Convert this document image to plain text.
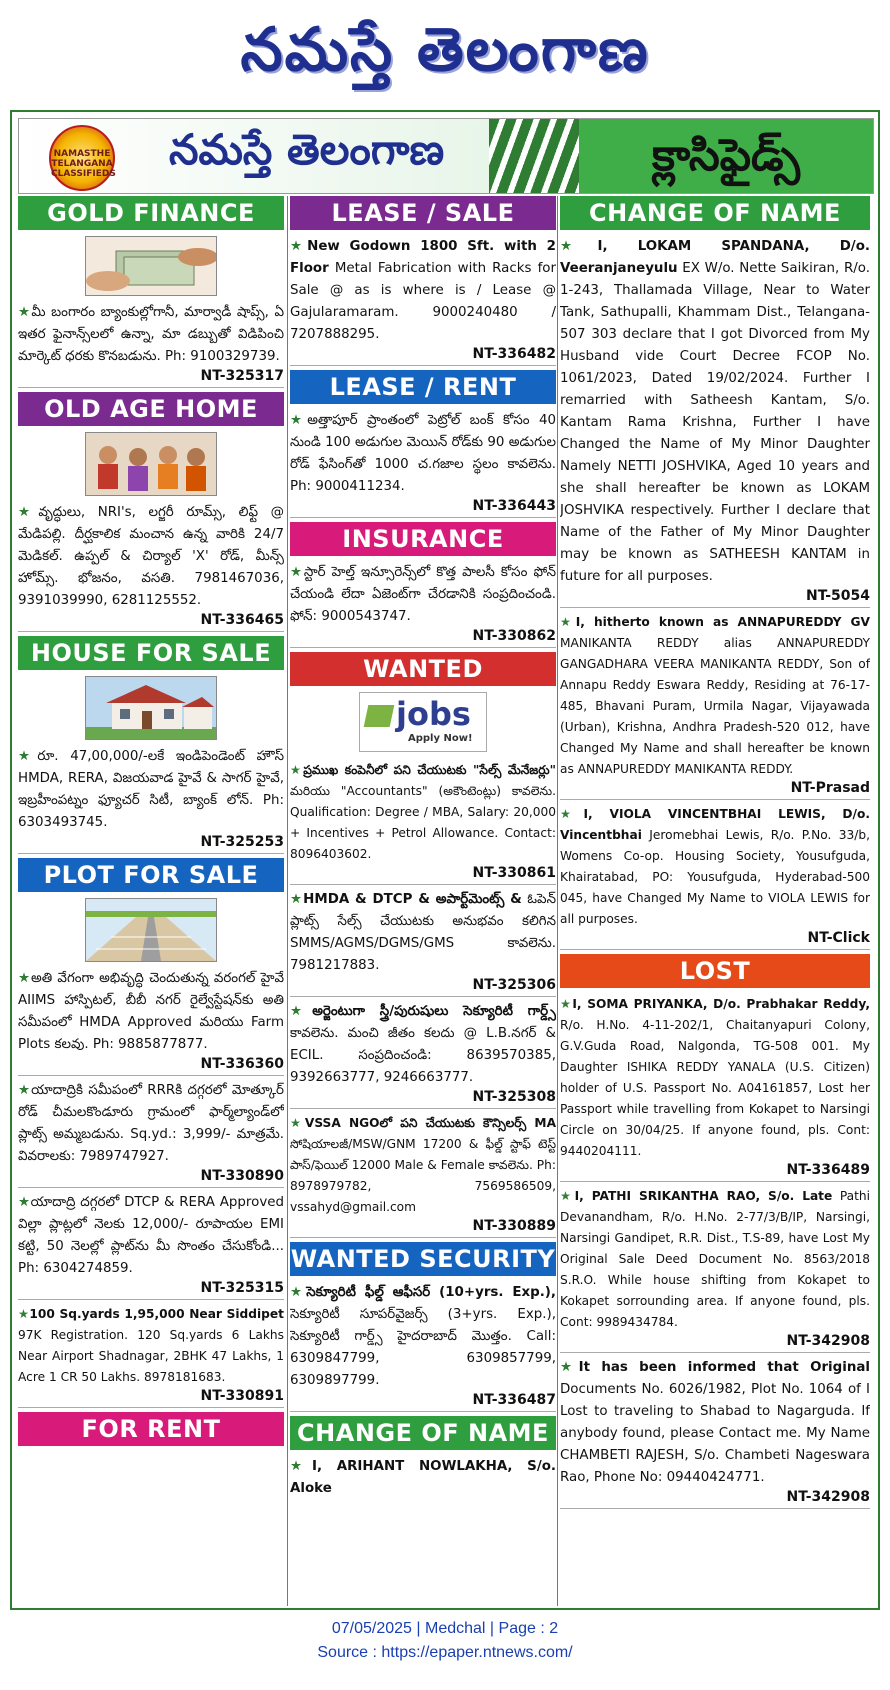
నమస్తే తెలంగాణ
NAMASTHE TELANGANA CLASSIFIEDS నమస్తే తెలంగాణ	క్లాసిఫైడ్స్
GOLD FINANCE
★మీ బంగారం బ్యాంకుల్లోగానీ, మార్వాడీ షాప్స్, ఏ ఇతర ఫైనాన్స్‌లలో ఉన్నా, మా డబ్బుతో విడిపించి మార్కెట్ ధరకు కొనబడును. Ph: 9100329739.
NT-325317
OLD AGE HOME
★వృద్ధులు, NRI's, లగ్జరీ రూమ్స్, లిఫ్ట్ @ మేడిపల్లి. దీర్ఘకాలిక మంచాన ఉన్న వారికి 24/7 మెడికల్. ఉప్పల్ & చిర్యాల్ 'X' రోడ్, మీన్స్ హోమ్స్. భోజనం, వసతి. 7981467036, 9391039990, 6281125552.
NT-336465
HOUSE FOR SALE
★రూ. 47,00,000/-లకే ఇండిపెండెంట్ హౌస్ HMDA, RERA, విజయవాడ హైవే & సాగర్ హైవే, ఇబ్రహీంపట్నం ఫ్యూచర్ సిటీ, బ్యాంక్ లోన్. Ph: 6303493745.
NT-325253
PLOT FOR SALE
★అతి వేగంగా అభివృద్ధి చెందుతున్న వరంగల్ హైవే AIIMS హాస్పిటల్, బీబీ నగర్ రైల్వేస్టేషన్‌కు అతి సమీపంలో HMDA Approved మరియు Farm Plots కలవు. Ph: 9885877877.
NT-336360
★యాదాద్రికి సమీపంలో RRRకి దగ్గరలో మోత్కూర్ రోడ్ చీమలకొండూరు గ్రామంలో ఫార్మ్‌ల్యాండ్‌లో ప్లాట్స్ అమ్మబడును. Sq.yd.: 3,999/- మాత్రమే. వివరాలకు: 7989747927.
NT-330890
★యాదాద్రి దగ్గరలో DTCP & RERA Approved విల్లా ప్లాట్లలో నెలకు 12,000/- రూపాయల EMI కట్టి, 50 నెలల్లో ప్లాట్‌ను మీ సొంతం చేసుకోండి... Ph: 6304274859.
NT-325315
★100 Sq.yards 1,95,000 Near Siddipet 97K Registration. 120 Sq.yards 6 Lakhs Near Airport Shadnagar, 2BHK 47 Lakhs, 1 Acre 1 CR 50 Lakhs. 8978181683.
NT-330891
FOR RENT
LEASE / SALE
★New Godown 1800 Sft. with 2 Floor Metal Fabrication with Racks for Sale @ as is where is / Lease @ Gajularamaram. 9000240480 / 7207888295.
NT-336482
LEASE / RENT
★అత్తాపూర్ ప్రాంతంలో పెట్రోల్ బంక్ కోసం 40 నుండి 100 అడుగుల మెయిన్ రోడ్‌కు 90 అడుగుల రోడ్ ఫేసింగ్‌తో 1000 చ.గజాల స్థలం కావలెను. Ph: 9000411234.
NT-336443
INSURANCE
★స్టార్ హెల్త్ ఇన్సూరెన్స్‌లో కొత్త పాలసీ కోసం ఫోన్ చేయండి లేదా ఏజెంట్‌గా చేరడానికి సంప్రదించండి. ఫోన్: 9000543747.
NT-330862
WANTED
jobs
Apply Now!
★ప్రముఖ కంపెనీలో పని చేయుటకు "సేల్స్ మేనేజర్లు" మరియు "Accountants" (అకౌంటెంట్లు) కావలెను. Qualification: Degree / MBA, Salary: 20,000 + Incentives + Petrol Allowance. Contact: 8096403602.
NT-330861
★HMDA & DTCP & అపార్ట్‌మెంట్స్ & ఓపెన్ ప్లాట్స్ సేల్స్ చేయుటకు అనుభవం కలిగిన SMMS/AGMS/DGMS/GMS కావలెను. 7981217883.
NT-325306
★అర్జెంటుగా స్త్రీ/పురుషులు సెక్యూరిటీ గార్డ్స్ కావలెను. మంచి జీతం కలదు @ L.B.నగర్ & ECIL. సంప్రదించండి: 8639570385, 9392663777, 9246663777.
NT-325308
★VSSA NGOలో పని చేయుటకు కౌన్సిలర్స్ MA సోషియాలజీ/MSW/GNM 17200 & ఫీల్డ్ స్టాఫ్ టెస్ట్ పాస్/ఫెయిల్ 12000 Male & Female కావలెను. Ph: 8978979782, 7569586509, vssahyd@gmail.com
NT-330889
WANTED SECURITY
★సెక్యూరిటీ ఫీల్డ్ ఆఫీసర్ (10+yrs. Exp.), సెక్యూరిటీ సూపర్‌వైజర్స్ (3+yrs. Exp.), సెక్యూరిటీ గార్డ్స్ హైదరాబాద్ మొత్తం. Call: 6309847799, 6309857799, 6309897799.
NT-336487
CHANGE OF NAME
★I, ARIHANT NOWLAKHA, S/o. Aloke
CHANGE OF NAME
★I, LOKAM SPANDANA, D/o. Veeranjaneyulu EX W/o. Nette Saikiran, R/o. 1-243, Thallamada Village, Near to Water Tank, Sathupalli, Khammam Dist., Telangana-507 303 declare that I got Divorced from My Husband vide Court Decree FCOP No. 1061/2023, Dated 19/02/2024. Further I remarried with Satheesh Kantam, S/o. Kantam Rama Krishna, Further I have Changed the Name of My Minor Daughter Namely NETTI JOSHVIKA, Aged 10 years and she shall hereafter be known as LOKAM JOSHVIKA respectively. Further I declare that Name of the Father of My Minor Daughter may be known as SATHEESH KANTAM in future for all purposes.
NT-5054
★I, hitherto known as ANNAPUREDDY GV MANIKANTA REDDY alias ANNAPUREDDY GANGADHARA VEERA MANIKANTA REDDY, Son of Annapu Reddy Eswara Reddy, Residing at 76-17-485, Bhavani Puram, Urmila Nagar, Vijayawada (Urban), Krishna, Andhra Pradesh-520 012, have Changed My Name and shall hereafter be known as ANNAPUREDDY MANIKANTA REDDY.
NT-Prasad
★I, VIOLA VINCENTBHAI LEWIS, D/o. Vincentbhai Jeromebhai Lewis, R/o. P.No. 33/b, Womens Co-op. Housing Society, Yousufguda, Khairatabad, PO: Yousufguda, Hyderabad-500 045, have Changed My Name to VIOLA LEWIS for all purposes.
NT-Click
LOST
★I, SOMA PRIYANKA, D/o. Prabhakar Reddy, R/o. H.No. 4-11-202/1, Chaitanyapuri Colony, G.V.Guda Road, Nalgonda, TG-508 001. My Daughter ISHIKA REDDY YANALA (U.S. Citizen) holder of U.S. Passport No. A04161857, Lost her Passport while travelling from Kokapet to Narsingi Circle on 30/04/25. If anyone found, pls. Cont: 9440204111.
NT-336489
★I, PATHI SRIKANTHA RAO, S/o. Late Pathi Devanandham, R/o. H.No. 2-77/3/B/IP, Narsingi, Narsingi Gandipet, R.R. Dist., T.S-89, have Lost My Original Sale Deed Document No. 8563/2018 S.R.O. While house shifting from Kokapet to Kokapet sorrounding area. If anyone found, pls. Cont: 9989434784.
NT-342908
★It has been informed that Original Documents No. 6026/1982, Plot No. 1064 of I Lost to traveling to Shabad to Nagarguda. If anybody found, please Contact me. My Name CHAMBETI RAJESH, S/o. Chambeti Nageswara Rao, Phone No: 09440424771.
NT-342908
07/05/2025 | Medchal | Page : 2
Source : https://epaper.ntnews.com/
